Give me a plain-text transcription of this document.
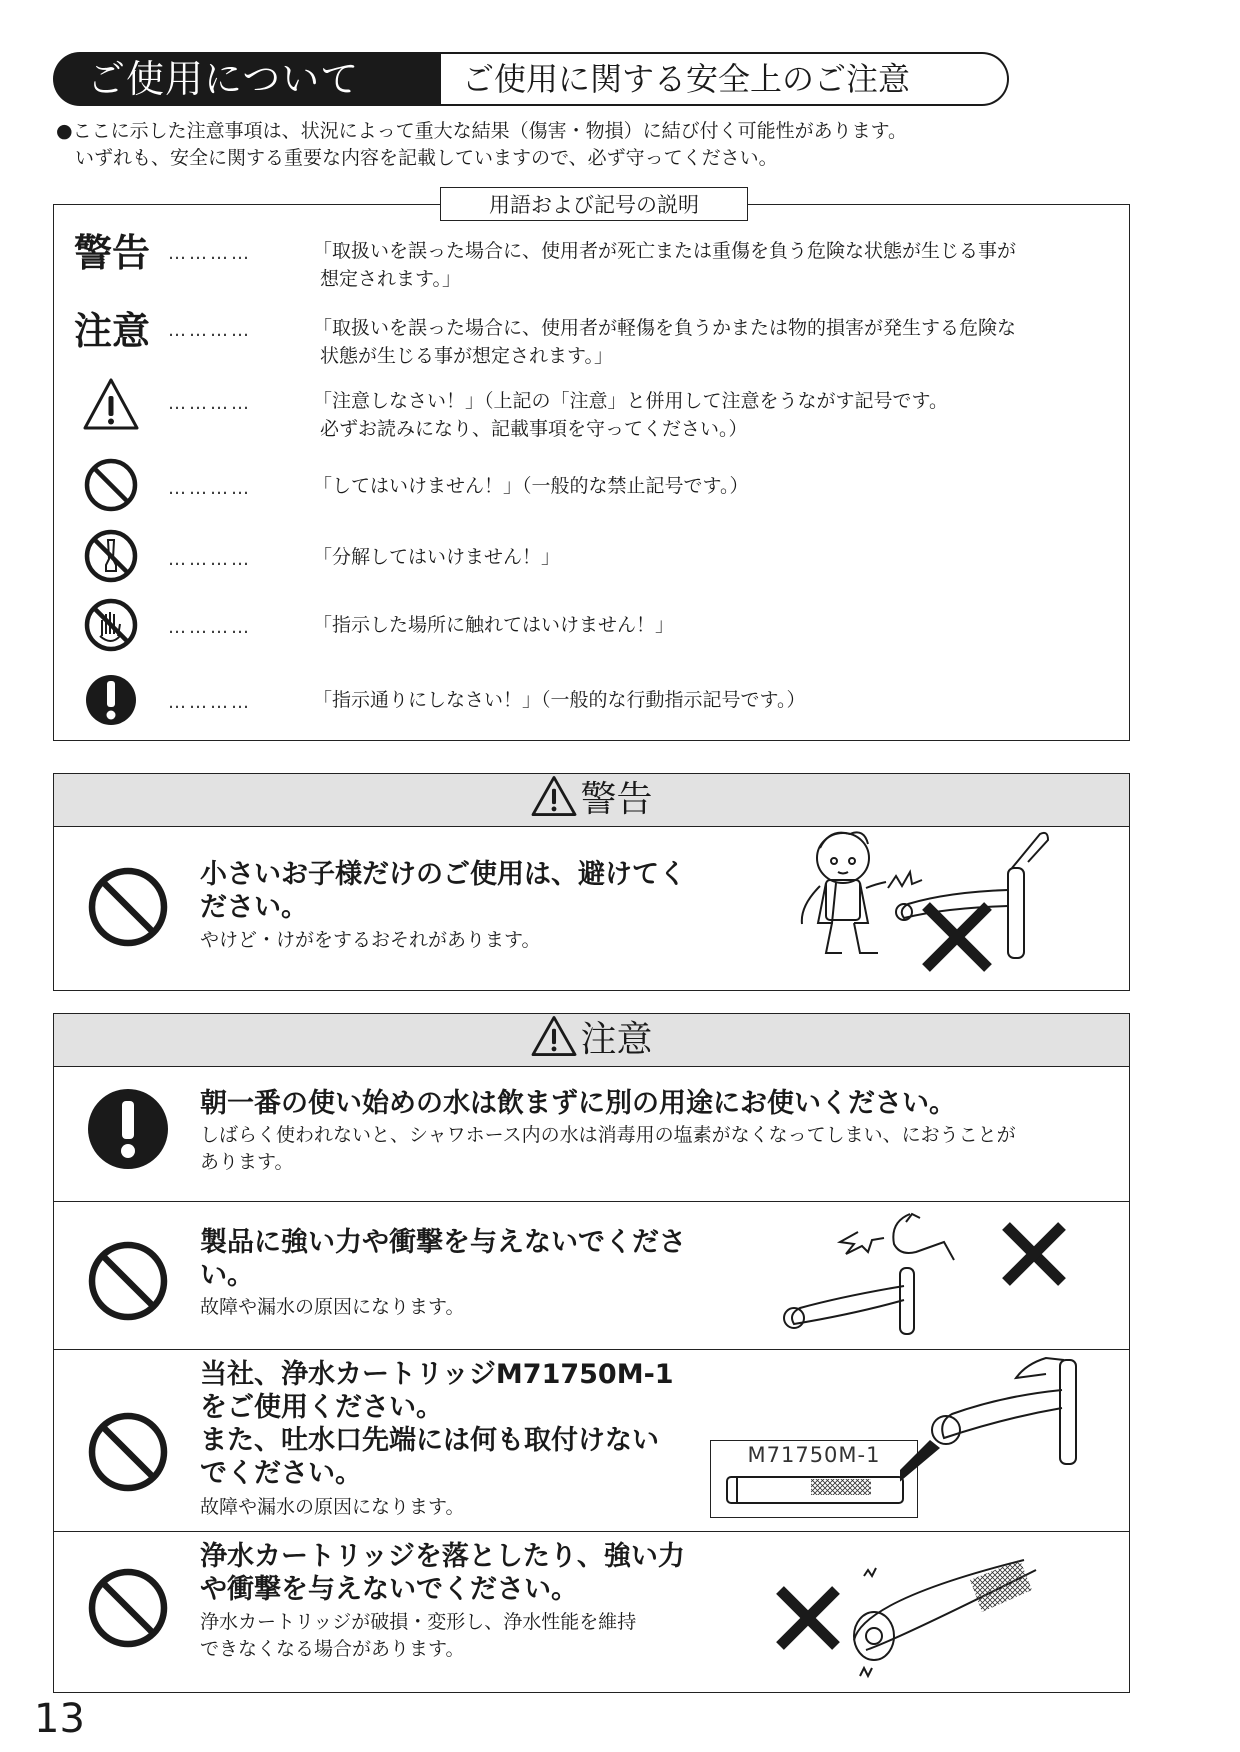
ご使用について	ご使用に関する安全上のご注意
●ここに示した注意事項は、状況によって重大な結果（傷害・物損）に結び付く可能性があります。
いずれも、安全に関する重要な内容を記載していますので、必ず守ってください。
用語および記号の説明
警告 …………	「取扱いを誤った場合に、使用者が死亡または重傷を負う危険な状態が生じる事が
想定されます。」
注意 …………	「取扱いを誤った場合に、使用者が軽傷を負うかまたは物的損害が発生する危険な
状態が生じる事が想定されます。」
…………	「注意しなさい！」（上記の「注意」と併用して注意をうながす記号です。
必ずお読みになり、記載事項を守ってください。）
…………	「してはいけません！」（一般的な禁止記号です。）
…………	「分解してはいけません！」
…………	「指示した場所に触れてはいけません！」
…………	「指示通りにしなさい！」（一般的な行動指示記号です。）
警告
小さいお子様だけのご使用は、避けてく
ださい。
やけど・けがをするおそれがあります。
注意
朝一番の使い始めの水は飲まずに別の用途にお使いください。
しばらく使われないと、シャワホース内の水は消毒用の塩素がなくなってしまい、におうことが
あります。
製品に強い力や衝撃を与えないでくださ
い。
故障や漏水の原因になります。
当社、浄水カートリッジM71750M-1
をご使用ください。
また、吐水口先端には何も取付けない
でください。
故障や漏水の原因になります。
M71750M-1
浄水カートリッジを落としたり、強い力
や衝撃を与えないでください。
浄水カートリッジが破損・変形し、浄水性能を維持
できなくなる場合があります。
13
